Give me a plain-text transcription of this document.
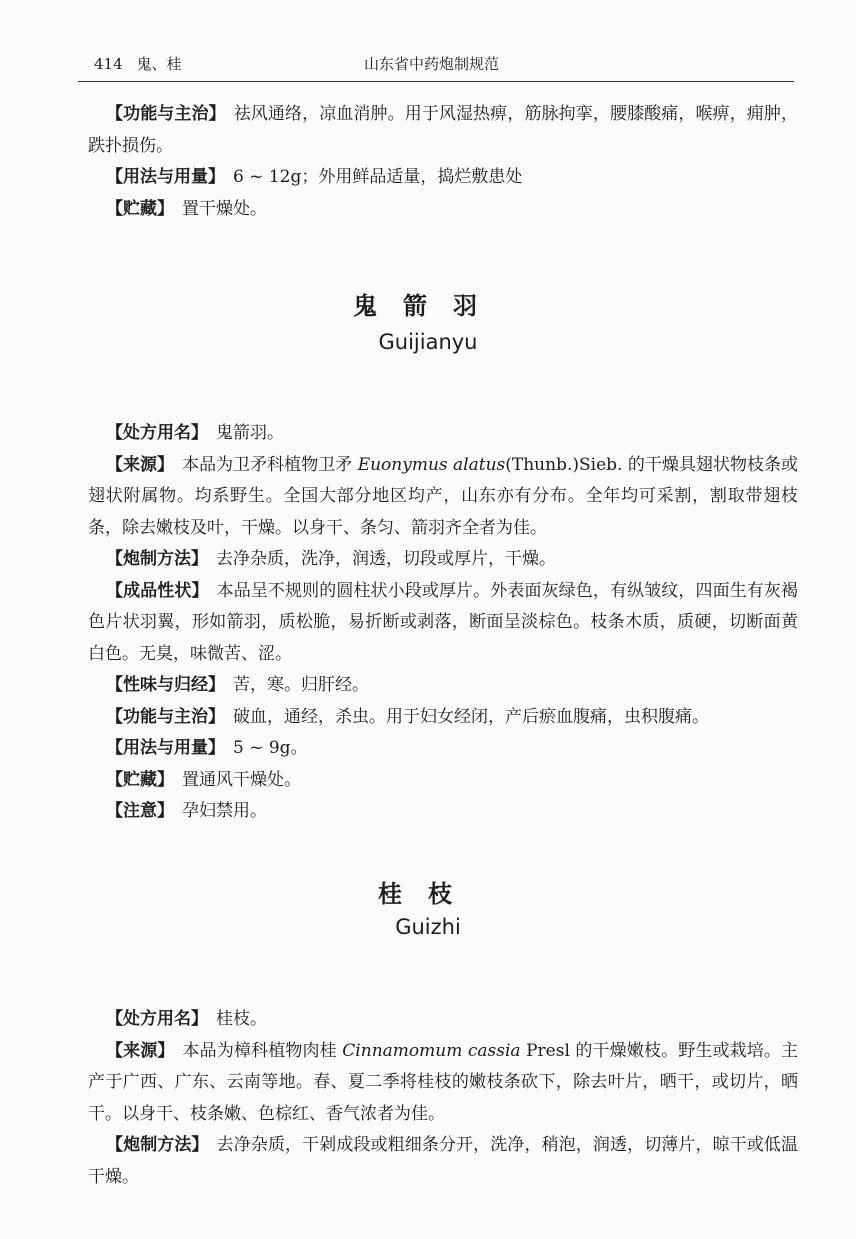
414 鬼、桂	山东省中药炮制规范

【功能与主治】 祛风通络，凉血消肿。用于风湿热痹，筋脉拘挛，腰膝酸痛，喉痹，痈肿，跌扑损伤。

【用法与用量】 6 ~ 12g；外用鲜品适量，捣烂敷患处

【贮藏】 置干燥处。

鬼箭羽
Guijianyu

【处方用名】 鬼箭羽。

【来源】 本品为卫矛科植物卫矛 Euonymus alatus(Thunb.)Sieb. 的干燥具翅状物枝条或翅状附属物。均系野生。全国大部分地区均产，山东亦有分布。全年均可采割，割取带翅枝条，除去嫩枝及叶，干燥。以身干、条匀、箭羽齐全者为佳。

【炮制方法】 去净杂质，洗净，润透，切段或厚片，干燥。

【成品性状】 本品呈不规则的圆柱状小段或厚片。外表面灰绿色，有纵皱纹，四面生有灰褐色片状羽翼，形如箭羽，质松脆，易折断或剥落，断面呈淡棕色。枝条木质，质硬，切断面黄白色。无臭，味微苦、涩。

【性味与归经】 苦，寒。归肝经。

【功能与主治】 破血，通经，杀虫。用于妇女经闭，产后瘀血腹痛，虫积腹痛。

【用法与用量】 5 ~ 9g。

【贮藏】 置通风干燥处。

【注意】 孕妇禁用。

桂枝
Guizhi

【处方用名】 桂枝。

【来源】 本品为樟科植物肉桂 Cinnamomum cassia Presl 的干燥嫩枝。野生或栽培。主产于广西、广东、云南等地。春、夏二季将桂枝的嫩枝条砍下，除去叶片，晒干，或切片，晒干。以身干、枝条嫩、色棕红、香气浓者为佳。

【炮制方法】 去净杂质，干剁成段或粗细条分开，洗净，稍泡，润透，切薄片，晾干或低温干燥。
